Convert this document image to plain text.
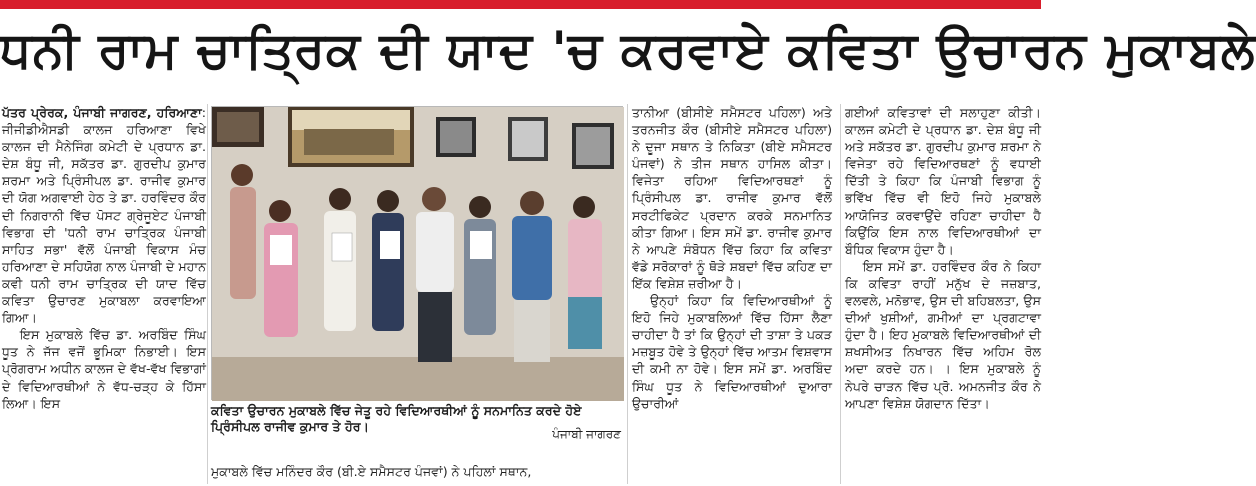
ਧਨੀ ਰਾਮ ਚਾਤ੍ਰਿਕ ਦੀ ਯਾਦ 'ਚ ਕਰਵਾਏ ਕਵਿਤਾ ਉਚਾਰਨ ਮੁਕਾਬਲੇ

ਪੱਤਰ ਪ੍ਰੇਰਕ, ਪੰਜਾਬੀ ਜਾਗਰਣ, ਹਰਿਆਣਾ: ਜੀਜੀਡੀਐਸਡੀ ਕਾਲਜ ਹਰਿਆਣਾ ਵਿਖੇ ਕਾਲਜ ਦੀ ਮੈਨੇਜਿੰਗ ਕਮੇਟੀ ਦੇ ਪ੍ਰਧਾਨ ਡਾ. ਦੇਸ਼ ਬੰਧੂ ਜੀ, ਸਕੱਤਰ ਡਾ. ਗੁਰਦੀਪ ਕੁਮਾਰ ਸ਼ਰਮਾ ਅਤੇ ਪ੍ਰਿੰਸੀਪਲ ਡਾ. ਰਾਜੀਵ ਕੁਮਾਰ ਦੀ ਯੋਗ ਅਗਵਾਈ ਹੇਠ ਤੇ ਡਾ. ਹਰਵਿੰਦਰ ਕੌਰ ਦੀ ਨਿਗਰਾਨੀ ਵਿੱਚ ਪੋਸਟ ਗ੍ਰੇਜੂਏਟ ਪੰਜਾਬੀ ਵਿਭਾਗ ਦੀ 'ਧਨੀ ਰਾਮ ਚਾਤ੍ਰਿਕ ਪੰਜਾਬੀ ਸਾਹਿਤ ਸਭਾ' ਵੱਲੋਂ ਪੰਜਾਬੀ ਵਿਕਾਸ ਮੰਚ ਹਰਿਆਣਾ ਦੇ ਸਹਿਯੋਗ ਨਾਲ ਪੰਜਾਬੀ ਦੇ ਮਹਾਨ ਕਵੀ ਧਨੀ ਰਾਮ ਚਾਤ੍ਰਿਕ ਦੀ ਯਾਦ ਵਿੱਚ ਕਵਿਤਾ ਉਚਾਰਣ ਮੁਕਾਬਲਾ ਕਰਵਾਇਆ ਗਿਆ।

ਇਸ ਮੁਕਾਬਲੇ ਵਿੱਚ ਡਾ. ਅਰਬਿੰਦ ਸਿੰਘ ਧੂਤ ਨੇ ਜੱਜ ਵਜੋਂ ਭੂਮਿਕਾ ਨਿਭਾਈ। ਇਸ ਪ੍ਰੋਗਰਾਮ ਅਧੀਨ ਕਾਲਜ ਦੇ ਵੱਖ-ਵੱਖ ਵਿਭਾਗਾਂ ਦੇ ਵਿਦਿਆਰਥੀਆਂ ਨੇ ਵੱਧ-ਚੜ੍ਹ ਕੇ ਹਿੱਸਾ ਲਿਆ। ਇਸ	ਕਵਿਤਾ ਉਚਾਰਨ ਮੁਕਾਬਲੇ ਵਿੱਚ ਜੇਤੂ ਰਹੇ ਵਿਦਿਆਰਥੀਆਂ ਨੂੰ ਸਨਮਾਨਿਤ ਕਰਦੇ ਹੋਏ ਪ੍ਰਿੰਸੀਪਲ ਰਾਜੀਵ ਕੁਮਾਰ ਤੇ ਹੋਰ।	ਪੰਜਾਬੀ ਜਾਗਰਣ
ਮੁਕਾਬਲੇ ਵਿੱਚ ਮਨਿੰਦਰ ਕੌਰ (ਬੀ.ਏ ਸਮੈਸਟਰ ਪੰਜਵਾਂ) ਨੇ ਪਹਿਲਾਂ ਸਥਾਨ,

ਤਾਨੀਆ (ਬੀਸੀਏ ਸਮੈਸਟਰ ਪਹਿਲਾ) ਅਤੇ ਤਰਨਜੀਤ ਕੌਰ (ਬੀਸੀਏ ਸਮੈਸਟਰ ਪਹਿਲਾ) ਨੇ ਦੂਜਾ ਸਥਾਨ ਤੇ ਨਿਕਿਤਾ (ਬੀਏ ਸਮੈਸਟਰ ਪੰਜਵਾਂ) ਨੇ ਤੀਜ ਸਥਾਨ ਹਾਸਿਲ ਕੀਤਾ। ਵਿਜੇਤਾ ਰਹਿਆ ਵਿਦਿਆਰਥਣਾਂ ਨੂੰ ਪ੍ਰਿੰਸੀਪਲ ਡਾ. ਰਾਜੀਵ ਕੁਮਾਰ ਵੱਲੋਂ ਸਰਟੀਫਿਕੇਟ ਪ੍ਰਦਾਨ ਕਰਕੇ ਸਨਮਾਨਿਤ ਕੀਤਾ ਗਿਆ। ਇਸ ਸਮੇਂ ਡਾ. ਰਾਜੀਵ ਕੁਮਾਰ ਨੇ ਆਪਣੇ ਸੰਬੋਧਨ ਵਿੱਚ ਕਿਹਾ ਕਿ ਕਵਿਤਾ ਵੱਡੇ ਸਰੋਕਾਰਾਂ ਨੂੰ ਥੋੜੇ ਸ਼ਬਦਾਂ ਵਿੱਚ ਕਹਿਣ ਦਾ ਇੱਕ ਵਿਸ਼ੇਸ਼ ਜ਼ਰੀਆ ਹੈ।

ਉਨ੍ਹਾਂ ਕਿਹਾ ਕਿ ਵਿਦਿਆਰਥੀਆਂ ਨੂੰ ਇਹੋ ਜਿਹੇ ਮੁਕਾਬਲਿਆਂ ਵਿੱਚ ਹਿੱਸਾ ਲੈਣਾ ਚਾਹੀਦਾ ਹੈ ਤਾਂ ਕਿ ਉਨ੍ਹਾਂ ਦੀ ਤਾਸ਼ਾ ਤੇ ਪਕੜ ਮਜ਼ਬੂਤ ਹੋਵੇ ਤੇ ਉਨ੍ਹਾਂ ਵਿੱਚ ਆਤਮ ਵਿਸ਼ਵਾਸ ਦੀ ਕਮੀ ਨਾ ਹੋਵੇ। ਇਸ ਸਮੇਂ ਡਾ. ਅਰਬਿੰਦ ਸਿੰਘ ਧੂਤ ਨੇ ਵਿਦਿਆਰਥੀਆਂ ਦੁਆਰਾ ਉਚਾਰੀਆਂ

ਗਈਆਂ ਕਵਿਤਾਵਾਂ ਦੀ ਸਲਾਹੁਣਾ ਕੀਤੀ। ਕਾਲਜ ਕਮੇਟੀ ਦੇ ਪ੍ਰਧਾਨ ਡਾ. ਦੇਸ਼ ਬੰਧੂ ਜੀ ਅਤੇ ਸਕੱਤਰ ਡਾ. ਗੁਰਦੀਪ ਕੁਮਾਰ ਸ਼ਰਮਾ ਨੇ ਵਿਜੇਤਾ ਰਹੇ ਵਿਦਿਆਰਥਣਾਂ ਨੂੰ ਵਧਾਈ ਦਿੱਤੀ ਤੇ ਕਿਹਾ ਕਿ ਪੰਜਾਬੀ ਵਿਭਾਗ ਨੂੰ ਭਵਿੱਖ ਵਿੱਚ ਵੀ ਇਹੋ ਜਿਹੇ ਮੁਕਾਬਲੇ ਆਯੋਜਿਤ ਕਰਵਾਉਂਦੇ ਰਹਿਣਾ ਚਾਹੀਦਾ ਹੈ ਕਿਉਂਕਿ ਇਸ ਨਾਲ ਵਿਦਿਆਰਥੀਆਂ ਦਾ ਬੌਧਿਕ ਵਿਕਾਸ ਹੁੰਦਾ ਹੈ।

ਇਸ ਸਮੇਂ ਡਾ. ਹਰਵਿੰਦਰ ਕੌਰ ਨੇ ਕਿਹਾ ਕਿ ਕਵਿਤਾ ਰਾਹੀਂ ਮਨੁੱਖ ਦੇ ਜਜ਼ਬਾਤ, ਵਲਵਲੇ, ਮਨੋਭਾਵ, ਉਸ ਦੀ ਬਹਿਬਲਤਾ, ਉਸ ਦੀਆਂ ਖੁਸ਼ੀਆਂ, ਗਮੀਆਂ ਦਾ ਪ੍ਰਗਟਾਵਾ ਹੁੰਦਾ ਹੈ। ਇਹ ਮੁਕਾਬਲੇ ਵਿਦਿਆਰਥੀਆਂ ਦੀ ਸ਼ਖਸੀਅਤ ਨਿਖਾਰਨ ਵਿੱਚ ਅਹਿਮ ਰੋਲ ਅਦਾ ਕਰਦੇ ਹਨ। । ਇਸ ਮੁਕਾਬਲੇ ਨੂੰ ਨੇਪਰੇ ਚਾੜਨ ਵਿੱਚ ਪ੍ਰੋ. ਅਮਨਜੀਤ ਕੌਰ ਨੇ ਆਪਣਾ ਵਿਸ਼ੇਸ਼ ਯੋਗਦਾਨ ਦਿੱਤਾ।
